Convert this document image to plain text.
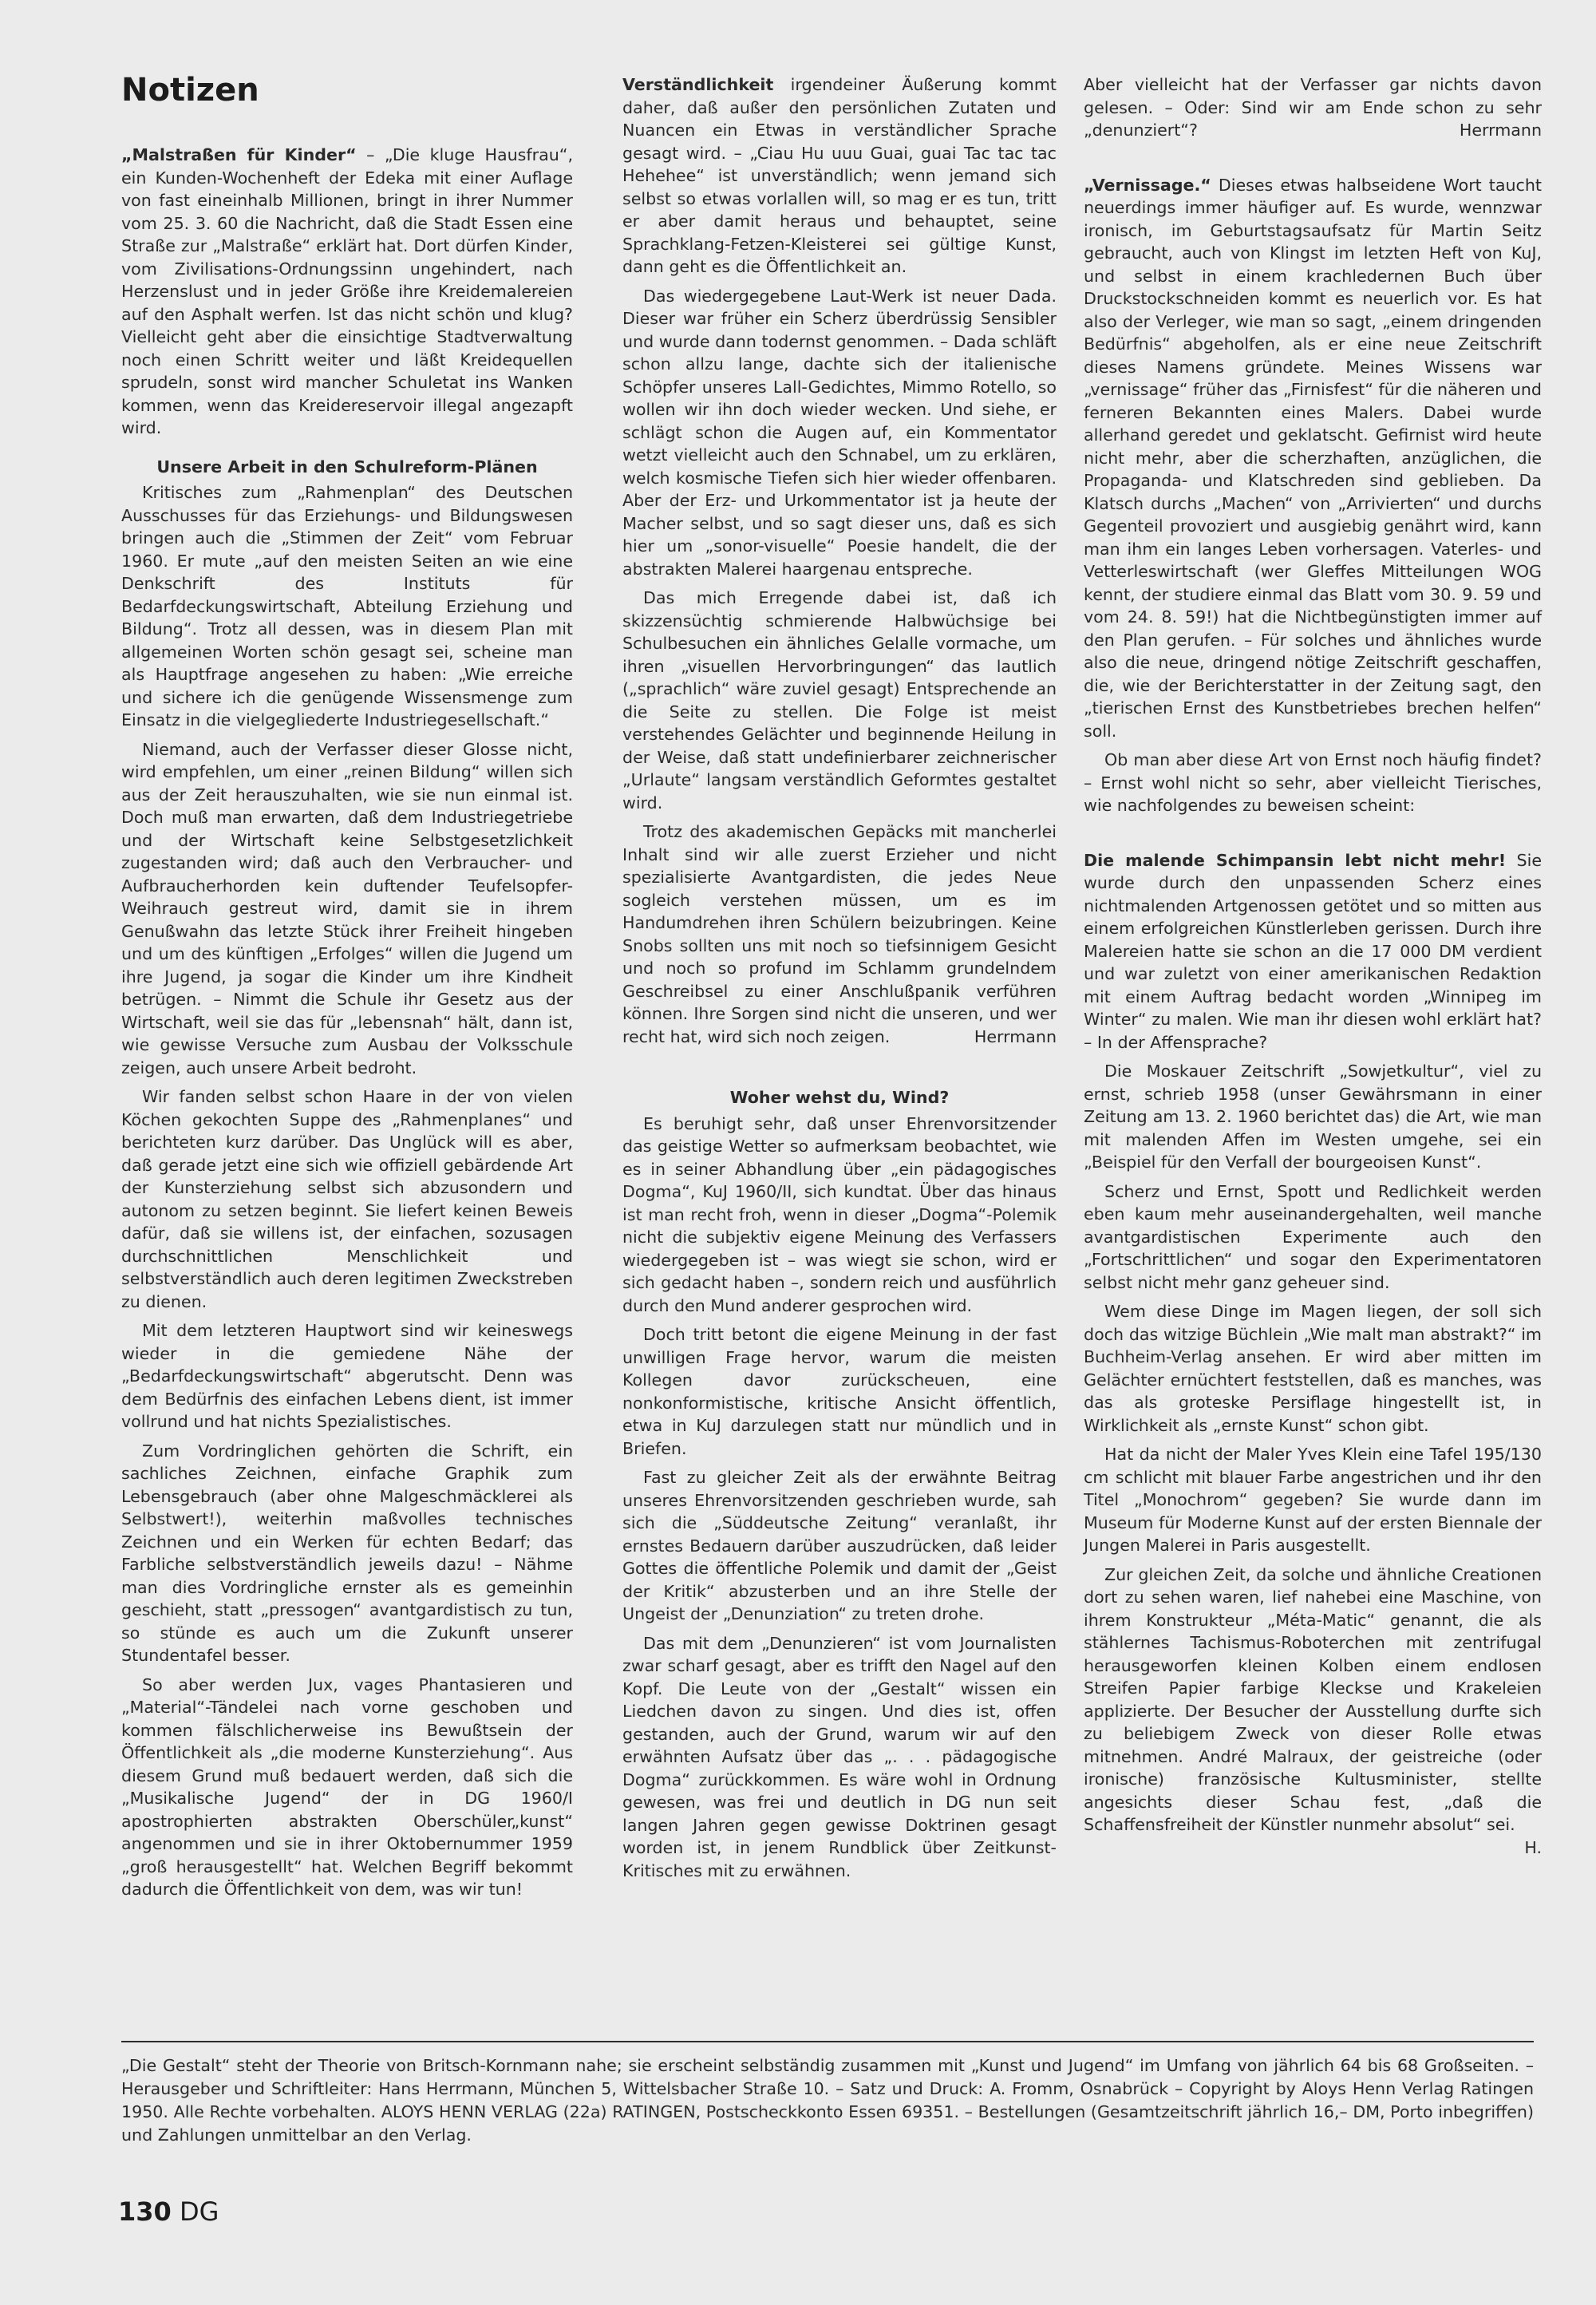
Notizen

„Malstraßen für Kinder“ – „Die kluge Hausfrau“, ein Kunden-Wochenheft der Edeka mit einer Auflage von fast eineinhalb Millionen, bringt in ihrer Nummer vom 25. 3. 60 die Nachricht, daß die Stadt Essen eine Straße zur „Malstraße“ erklärt hat. Dort dürfen Kinder, vom Zivilisations-Ordnungssinn ungehindert, nach Herzenslust und in jeder Größe ihre Kreidemalereien auf den Asphalt werfen. Ist das nicht schön und klug? Vielleicht geht aber die einsichtige Stadtverwaltung noch einen Schritt weiter und läßt Kreidequellen sprudeln, sonst wird mancher Schuletat ins Wanken kommen, wenn das Kreidereservoir illegal angezapft wird.

Unsere Arbeit in den Schulreform-Plänen

Kritisches zum „Rahmenplan“ des Deutschen Ausschusses für das Erziehungs- und Bildungswesen bringen auch die „Stimmen der Zeit“ vom Februar 1960. Er mute „auf den meisten Seiten an wie eine Denkschrift des Instituts für Bedarfdeckungswirtschaft, Abteilung Erziehung und Bildung“. Trotz all dessen, was in diesem Plan mit allgemeinen Worten schön gesagt sei, scheine man als Hauptfrage angesehen zu haben: „Wie erreiche und sichere ich die genügende Wissensmenge zum Einsatz in die vielgegliederte Industriegesellschaft.“

Niemand, auch der Verfasser dieser Glosse nicht, wird empfehlen, um einer „reinen Bildung“ willen sich aus der Zeit herauszuhalten, wie sie nun einmal ist. Doch muß man erwarten, daß dem Industriegetriebe und der Wirtschaft keine Selbstgesetzlichkeit zugestanden wird; daß auch den Verbraucher- und Aufbraucherhorden kein duftender Teufelsopfer-Weihrauch gestreut wird, damit sie in ihrem Genußwahn das letzte Stück ihrer Freiheit hingeben und um des künftigen „Erfolges“ willen die Jugend um ihre Jugend, ja sogar die Kinder um ihre Kindheit betrügen. – Nimmt die Schule ihr Gesetz aus der Wirtschaft, weil sie das für „lebensnah“ hält, dann ist, wie gewisse Versuche zum Ausbau der Volksschule zeigen, auch unsere Arbeit bedroht.

Wir fanden selbst schon Haare in der von vielen Köchen gekochten Suppe des „Rahmenplanes“ und berichteten kurz darüber. Das Unglück will es aber, daß gerade jetzt eine sich wie offiziell gebärdende Art der Kunsterziehung selbst sich abzusondern und autonom zu setzen beginnt. Sie liefert keinen Beweis dafür, daß sie willens ist, der einfachen, sozusagen durchschnittlichen Menschlichkeit und selbstverständlich auch deren legitimen Zweckstreben zu dienen.

Mit dem letzteren Hauptwort sind wir keineswegs wieder in die gemiedene Nähe der „Bedarfdeckungswirtschaft“ abgerutscht. Denn was dem Bedürfnis des einfachen Lebens dient, ist immer vollrund und hat nichts Spezialistisches.

Zum Vordringlichen gehörten die Schrift, ein sachliches Zeichnen, einfache Graphik zum Lebensgebrauch (aber ohne Malgeschmäcklerei als Selbstwert!), weiterhin maßvolles technisches Zeichnen und ein Werken für echten Bedarf; das Farbliche selbstverständlich jeweils dazu! – Nähme man dies Vordringliche ernster als es gemeinhin geschieht, statt „pressogen“ avantgardistisch zu tun, so stünde es auch um die Zukunft unserer Stundentafel besser.

So aber werden Jux, vages Phantasieren und „Material“-Tändelei nach vorne geschoben und kommen fälschlicherweise ins Bewußtsein der Öffentlichkeit als „die moderne Kunsterziehung“. Aus diesem Grund muß bedauert werden, daß sich die „Musikalische Jugend“ der in DG 1960/I apostrophierten abstrakten Oberschüler„kunst“ angenommen und sie in ihrer Oktobernummer 1959 „groß herausgestellt“ hat. Welchen Begriff bekommt dadurch die Öffentlichkeit von dem, was wir tun!

Verständlichkeit irgendeiner Äußerung kommt daher, daß außer den persönlichen Zutaten und Nuancen ein Etwas in verständlicher Sprache gesagt wird. – „Ciau Hu uuu Guai, guai Tac tac tac Hehehee“ ist unverständlich; wenn jemand sich selbst so etwas vorlallen will, so mag er es tun, tritt er aber damit heraus und behauptet, seine Sprachklang-Fetzen-Kleisterei sei gültige Kunst, dann geht es die Öffentlichkeit an.

Das wiedergegebene Laut-Werk ist neuer Dada. Dieser war früher ein Scherz überdrüssig Sensibler und wurde dann todernst genommen. – Dada schläft schon allzu lange, dachte sich der italienische Schöpfer unseres Lall-Gedichtes, Mimmo Rotello, so wollen wir ihn doch wieder wecken. Und siehe, er schlägt schon die Augen auf, ein Kommentator wetzt vielleicht auch den Schnabel, um zu erklären, welch kosmische Tiefen sich hier wieder offenbaren. Aber der Erz- und Urkommentator ist ja heute der Macher selbst, und so sagt dieser uns, daß es sich hier um „sonor-visuelle“ Poesie handelt, die der abstrakten Malerei haargenau entspreche.

Das mich Erregende dabei ist, daß ich skizzensüchtig schmierende Halbwüchsige bei Schulbesuchen ein ähnliches Gelalle vormache, um ihren „visuellen Hervorbringungen“ das lautlich („sprachlich“ wäre zuviel gesagt) Entsprechende an die Seite zu stellen. Die Folge ist meist verstehendes Gelächter und beginnende Heilung in der Weise, daß statt undefinierbarer zeichnerischer „Urlaute“ langsam verständlich Geformtes gestaltet wird.

Trotz des akademischen Gepäcks mit mancherlei Inhalt sind wir alle zuerst Erzieher und nicht spezialisierte Avantgardisten, die jedes Neue sogleich verstehen müssen, um es im Handumdrehen ihren Schülern beizubringen. Keine Snobs sollten uns mit noch so tiefsinnigem Gesicht und noch so profund im Schlamm grundelndem Geschreibsel zu einer Anschlußpanik verführen können. Ihre Sorgen sind nicht die unseren, und wer recht hat, wird sich noch zeigen.	Herrmann

Woher wehst du, Wind?

Es beruhigt sehr, daß unser Ehrenvorsitzender das geistige Wetter so aufmerksam beobachtet, wie es in seiner Abhandlung über „ein pädagogisches Dogma“, KuJ 1960/II, sich kundtat. Über das hinaus ist man recht froh, wenn in dieser „Dogma“-Polemik nicht die subjektiv eigene Meinung des Verfassers wiedergegeben ist – was wiegt sie schon, wird er sich gedacht haben –, sondern reich und ausführlich durch den Mund anderer gesprochen wird.

Doch tritt betont die eigene Meinung in der fast unwilligen Frage hervor, warum die meisten Kollegen davor zurückscheuen, eine nonkonformistische, kritische Ansicht öffentlich, etwa in KuJ darzulegen statt nur mündlich und in Briefen.

Fast zu gleicher Zeit als der erwähnte Beitrag unseres Ehrenvorsitzenden geschrieben wurde, sah sich die „Süddeutsche Zeitung“ veranlaßt, ihr ernstes Bedauern darüber auszudrücken, daß leider Gottes die öffentliche Polemik und damit der „Geist der Kritik“ abzusterben und an ihre Stelle der Ungeist der „Denunziation“ zu treten drohe.

Das mit dem „Denunzieren“ ist vom Journalisten zwar scharf gesagt, aber es trifft den Nagel auf den Kopf. Die Leute von der „Gestalt“ wissen ein Liedchen davon zu singen. Und dies ist, offen gestanden, auch der Grund, warum wir auf den erwähnten Aufsatz über das „. . . pädagogische Dogma“ zurückkommen. Es wäre wohl in Ordnung gewesen, was frei und deutlich in DG nun seit langen Jahren gegen gewisse Doktrinen gesagt worden ist, in jenem Rundblick über Zeitkunst-Kritisches mit zu erwähnen.

Aber vielleicht hat der Verfasser gar nichts davon gelesen. – Oder: Sind wir am Ende schon zu sehr „denunziert“?	Herrmann

„Vernissage.“ Dieses etwas halbseidene Wort taucht neuerdings immer häufiger auf. Es wurde, wennzwar ironisch, im Geburtstagsaufsatz für Martin Seitz gebraucht, auch von Klingst im letzten Heft von KuJ, und selbst in einem krachledernen Buch über Druckstockschneiden kommt es neuerlich vor. Es hat also der Verleger, wie man so sagt, „einem dringenden Bedürfnis“ abgeholfen, als er eine neue Zeitschrift dieses Namens gründete. Meines Wissens war „vernissage“ früher das „Firnisfest“ für die näheren und ferneren Bekannten eines Malers. Dabei wurde allerhand geredet und geklatscht. Gefirnist wird heute nicht mehr, aber die scherzhaften, anzüglichen, die Propaganda- und Klatschreden sind geblieben. Da Klatsch durchs „Machen“ von „Arrivierten“ und durchs Gegenteil provoziert und ausgiebig genährt wird, kann man ihm ein langes Leben vorhersagen. Vaterles- und Vetterleswirtschaft (wer Gleffes Mitteilungen WOG kennt, der studiere einmal das Blatt vom 30. 9. 59 und vom 24. 8. 59!) hat die Nichtbegünstigten immer auf den Plan gerufen. – Für solches und ähnliches wurde also die neue, dringend nötige Zeitschrift geschaffen, die, wie der Berichterstatter in der Zeitung sagt, den „tierischen Ernst des Kunstbetriebes brechen helfen“ soll.

Ob man aber diese Art von Ernst noch häufig findet? – Ernst wohl nicht so sehr, aber vielleicht Tierisches, wie nachfolgendes zu beweisen scheint:

Die malende Schimpansin lebt nicht mehr! Sie wurde durch den unpassenden Scherz eines nichtmalenden Artgenossen getötet und so mitten aus einem erfolgreichen Künstlerleben gerissen. Durch ihre Malereien hatte sie schon an die 17 000 DM verdient und war zuletzt von einer amerikanischen Redaktion mit einem Auftrag bedacht worden „Winnipeg im Winter“ zu malen. Wie man ihr diesen wohl erklärt hat? – In der Affensprache?

Die Moskauer Zeitschrift „Sowjetkultur“, viel zu ernst, schrieb 1958 (unser Gewährsmann in einer Zeitung am 13. 2. 1960 berichtet das) die Art, wie man mit malenden Affen im Westen umgehe, sei ein „Beispiel für den Verfall der bourgeoisen Kunst“.

Scherz und Ernst, Spott und Redlichkeit werden eben kaum mehr auseinandergehalten, weil manche avantgardistischen Experimente auch den „Fortschrittlichen“ und sogar den Experimentatoren selbst nicht mehr ganz geheuer sind.

Wem diese Dinge im Magen liegen, der soll sich doch das witzige Büchlein „Wie malt man abstrakt?“ im Buchheim-Verlag ansehen. Er wird aber mitten im Gelächter ernüchtert feststellen, daß es manches, was das als groteske Persiflage hingestellt ist, in Wirklichkeit als „ernste Kunst“ schon gibt.

Hat da nicht der Maler Yves Klein eine Tafel 195/130 cm schlicht mit blauer Farbe angestrichen und ihr den Titel „Monochrom“ gegeben? Sie wurde dann im Museum für Moderne Kunst auf der ersten Biennale der Jungen Malerei in Paris ausgestellt.

Zur gleichen Zeit, da solche und ähnliche Creationen dort zu sehen waren, lief nahebei eine Maschine, von ihrem Konstrukteur „Méta-Matic“ genannt, die als stählernes Tachismus-Roboterchen mit zentrifugal herausgeworfen kleinen Kolben einem endlosen Streifen Papier farbige Kleckse und Krakeleien applizierte. Der Besucher der Ausstellung durfte sich zu beliebigem Zweck von dieser Rolle etwas mitnehmen. André Malraux, der geistreiche (oder ironische) französische Kultusminister, stellte angesichts dieser Schau fest, „daß die Schaffensfreiheit der Künstler nunmehr absolut“ sei.
H.

„Die Gestalt“ steht der Theorie von Britsch-Kornmann nahe; sie erscheint selbständig zusammen mit „Kunst und Jugend“ im Umfang von jährlich 64 bis 68 Großseiten. – Herausgeber und Schriftleiter: Hans Herrmann, München 5, Wittelsbacher Straße 10. – Satz und Druck: A. Fromm, Osnabrück – Copyright by Aloys Henn Verlag Ratingen 1950. Alle Rechte vorbehalten. ALOYS HENN VERLAG (22a) RATINGEN, Postscheckkonto Essen 69351. – Bestellungen (Gesamtzeitschrift jährlich 16,– DM, Porto inbegriffen) und Zahlungen unmittelbar an den Verlag.
130 DG
